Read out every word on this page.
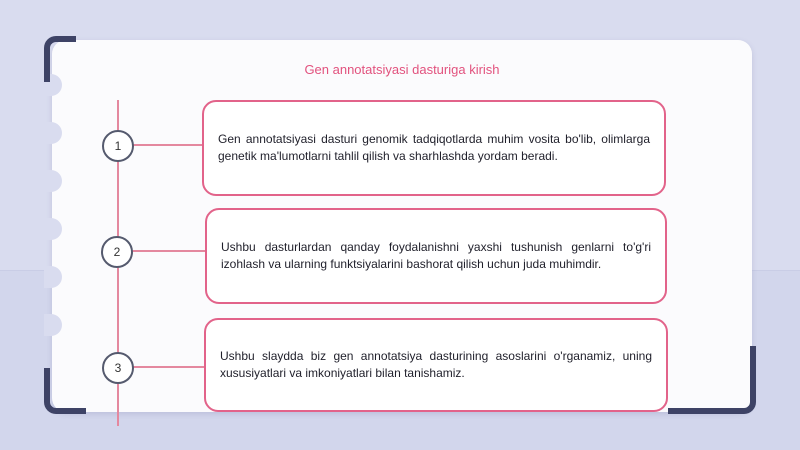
Gen annotatsiyasi dasturiga kirish
1	Gen annotatsiyasi dasturi genomik tadqiqotlarda muhim vosita bo'lib, olimlarga genetik ma'lumotlarni tahlil qilish va sharhlashda yordam beradi.
2	Ushbu dasturlardan qanday foydalanishni yaxshi tushunish genlarni to'g'ri izohlash va ularning funktsiyalarini bashorat qilish uchun juda muhimdir.
3
Ushbu slaydda biz gen annotatsiya dasturining asoslarini o'rganamiz, uning xususiyatlari va imkoniyatlari bilan tanishamiz.
